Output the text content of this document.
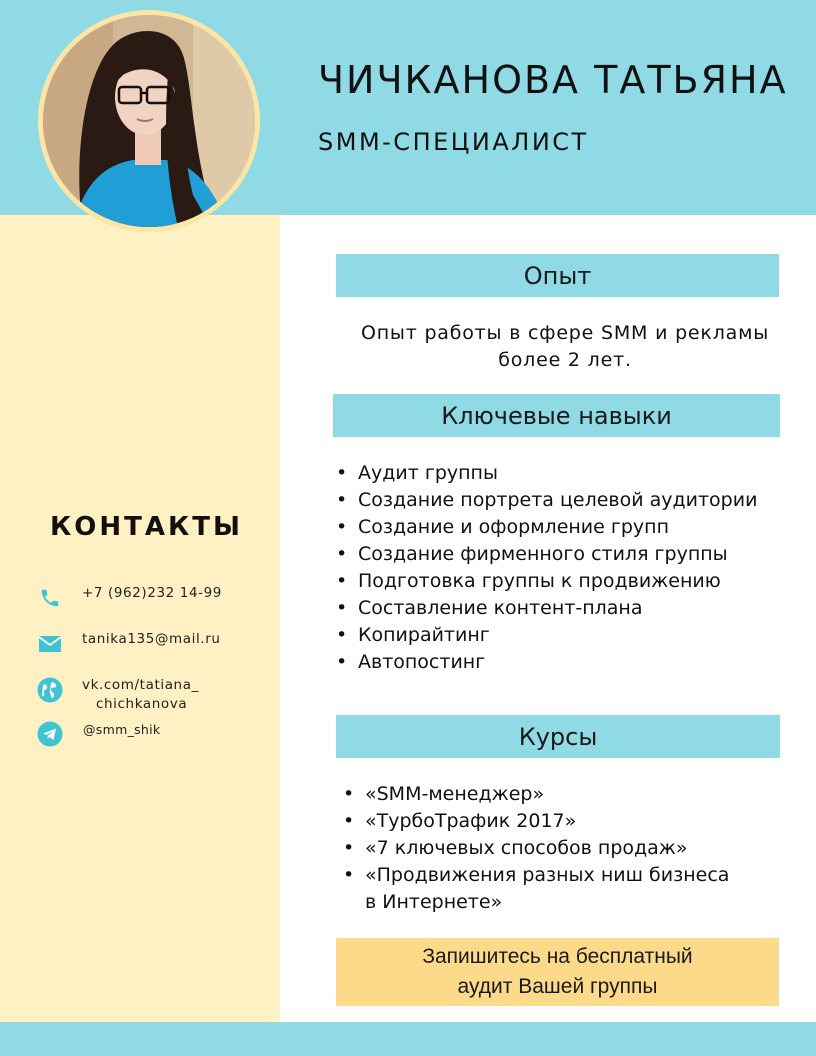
ЧИЧКАНОВА ТАТЬЯНА
SMM-СПЕЦИАЛИСТ
КОНТАКТЫ
+7 (962)232 14-99
tanika135@mail.ru
vk.com/tatiana_
chichkanova
@smm_shik
Опыт
Опыт работы в сфере SMM и рекламы
более 2 лет.
Ключевые навыки
• Аудит группы
• Создание портрета целевой аудитории
• Создание и оформление групп
• Создание фирменного стиля группы
• Подготовка группы к продвижению
• Составление контент-плана
• Копирайтинг
• Автопостинг
Курсы
• «SMM-менеджер»
• «ТурбоТрафик 2017»
• «7 ключевых способов продаж»
• «Продвижения разных ниш бизнеса в Интернете»
Запишитесь на бесплатный
аудит Вашей группы
